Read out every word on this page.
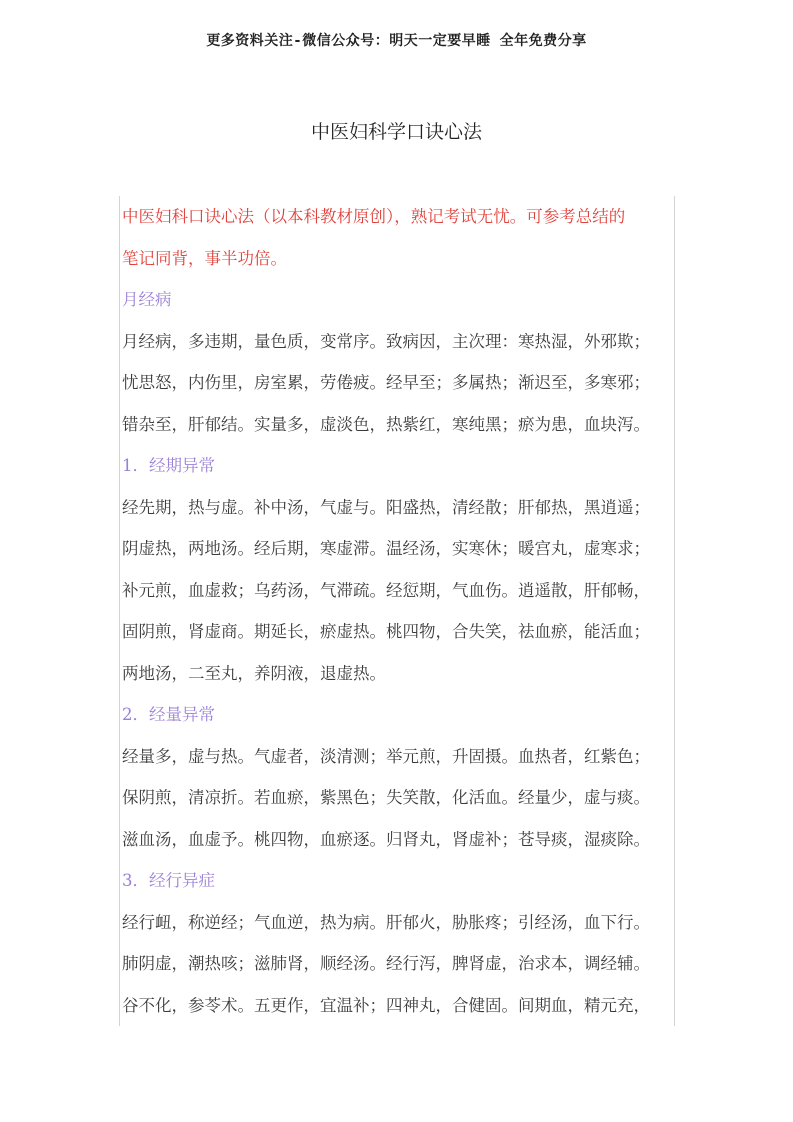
更多资料关注-微信公众号：明天一定要早睡 全年免费分享
中医妇科学口诀心法
中医妇科口诀心法（以本科教材原创），熟记考试无忧。可参考总结的
笔记同背，事半功倍。
月经病
月经病，多违期，量色质，变常序。致病因，主次理：寒热湿，外邪欺；
忧思怒，内伤里，房室累，劳倦疲。经早至；多属热；渐迟至，多寒邪；
错杂至，肝郁结。实量多，虚淡色，热紫红，寒纯黑；瘀为患，血块泻。
1．经期异常
经先期，热与虚。补中汤，气虚与。阳盛热，清经散；肝郁热，黑逍遥；
阴虚热，两地汤。经后期，寒虚滞。温经汤，实寒休；暖宫丸，虚寒求；
补元煎，血虚救；乌药汤，气滞疏。经愆期，气血伤。逍遥散，肝郁畅，
固阴煎，肾虚商。期延长，瘀虚热。桃四物，合失笑，祛血瘀，能活血；
两地汤，二至丸，养阴液，退虚热。
2．经量异常
经量多，虚与热。气虚者，淡清测；举元煎，升固摄。血热者，红紫色；
保阴煎，清凉折。若血瘀，紫黑色；失笑散，化活血。经量少，虚与痰。
滋血汤，血虚予。桃四物，血瘀逐。归肾丸，肾虚补；苍导痰，湿痰除。
3．经行异症
经行衄，称逆经；气血逆，热为病。肝郁火，胁胀疼；引经汤，血下行。
肺阴虚，潮热咳；滋肺肾，顺经汤。经行泻，脾肾虚，治求本，调经辅。
谷不化，参苓术。五更作，宜温补；四神丸，合健固。间期血，精元充，
